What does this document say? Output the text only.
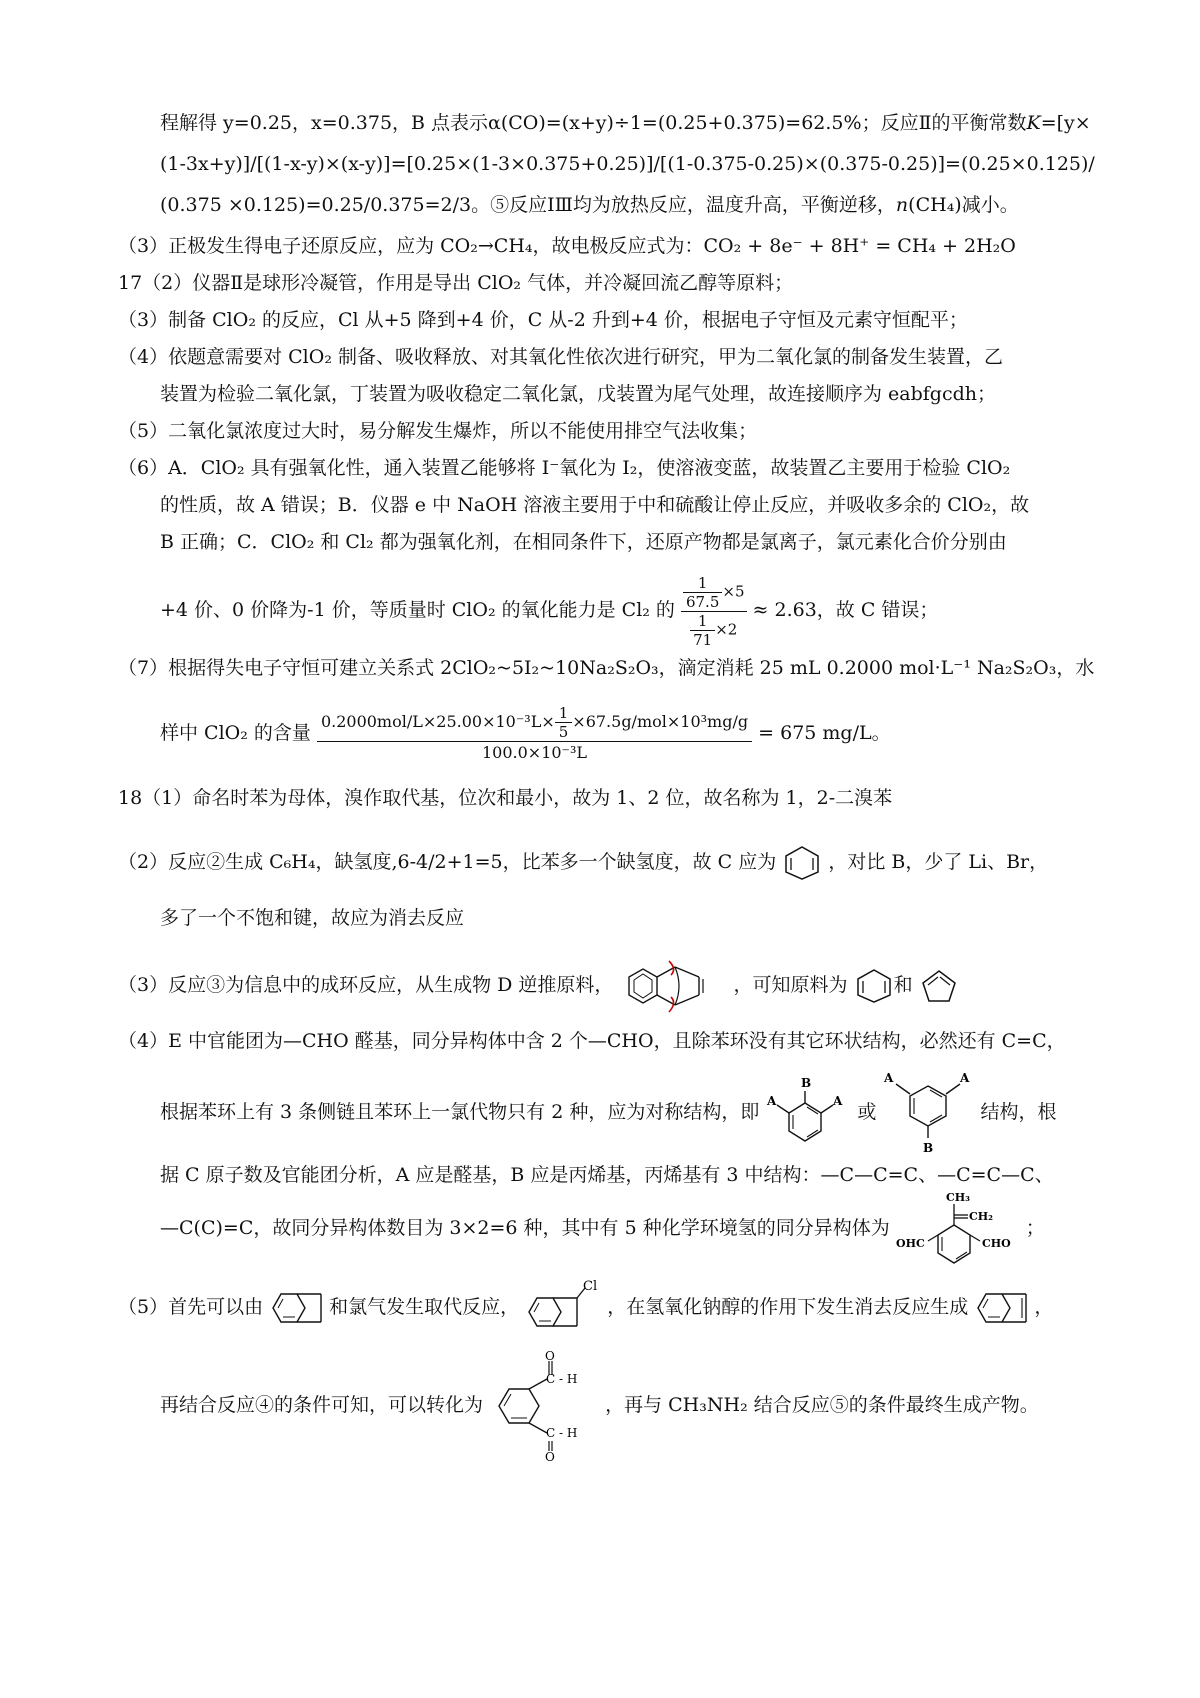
程解得 y=0.25，x=0.375，B 点表示α(CO)=(x+y)÷1=(0.25+0.375)=62.5%；反应Ⅱ的平衡常数K=[y×
(1-3x+y)]/[(1-x-y)×(x-y)]=[0.25×(1-3×0.375+0.25)]/[(1-0.375-0.25)×(0.375-0.25)]=(0.25×0.125)/
(0.375 ×0.125)=0.25/0.375=2/3。⑤反应ⅠⅢ均为放热反应，温度升高，平衡逆移，n(CH₄)减小。
（3）正极发生得电子还原反应，应为 CO₂→CH₄，故电极反应式为：CO₂ + 8e⁻ + 8H⁺ = CH₄ + 2H₂O
17（2）仪器Ⅱ是球形冷凝管，作用是导出 ClO₂ 气体，并冷凝回流乙醇等原料；
（3）制备 ClO₂ 的反应，Cl 从+5 降到+4 价，C 从-2 升到+4 价，根据电子守恒及元素守恒配平；
（4）依题意需要对 ClO₂ 制备、吸收释放、对其氧化性依次进行研究，甲为二氧化氯的制备发生装置，乙
装置为检验二氧化氯，丁装置为吸收稳定二氧化氯，戊装置为尾气处理，故连接顺序为 eabfgcdh；
（5）二氧化氯浓度过大时，易分解发生爆炸，所以不能使用排空气法收集；
（6）A．ClO₂ 具有强氧化性，通入装置乙能够将 I⁻氧化为 I₂，使溶液变蓝，故装置乙主要用于检验 ClO₂
的性质，故 A 错误；B．仪器 e 中 NaOH 溶液主要用于中和硫酸让停止反应，并吸收多余的 ClO₂，故
B 正确；C．ClO₂ 和 Cl₂ 都为强氧化剂，在相同条件下，还原产物都是氯离子，氯元素化合价分别由
+4 价、0 价降为-1 价，等质量时 ClO₂ 的氧化能力是 Cl₂ 的 $\frac{\frac{1}{67.5} \times 5}{\frac{1}{71} \times 2} \approx 2.63$，故 C 错误；
（7）根据得失电子守恒可建立关系式 2ClO₂~5I₂~10Na₂S₂O₃，滴定消耗 25 mL 0.2000 mol·L⁻¹ Na₂S₂O₃，水
样中 ClO₂ 的含量 $\frac{0.2000mol/L\times 25.00\times 10^{-3}L\times \frac{1}{5} \times 67.5g/mol\times 10^3mg/g}{\text{100.0×10⁻³L}} = 675$ mg/L。
18（1）命名时苯为母体，溴作取代基，位次和最小，故为 1、2 位，故名称为 1，2-二溴苯
（2）反应②生成 C₆H₄，缺氢度,6-4/2+1=5，比苯多一个缺氢度，故 C 应为	，对比 B，少了 Li、Br，
多了一个不饱和键，故应为消去反应
（3）反应③为信息中的成环反应，从生成物 D 逆推原料，	，可知原料为 和
（4）E 中官能团为—CHO 醛基，同分异构体中含 2 个—CHO，且除苯环没有其它环状结构，必然还有 C=C，
根据苯环上有 3 条侧链且苯环上一氯代物只有 2 种，应为对称结构，即
B
A	A 或
A	A
B
结构，根
据 C 原子数及官能团分析，A 应是醛基，B 应是丙烯基，丙烯基有 3 中结构：—C—C=C、—C=C—C、
—C(C)=C，故同分异构体数目为 3×2=6 种，其中有 5 种化学环境氢的同分异构体为
CH₃
CH₂
OHC	CHO
；
（5）首先可以由	和氯气发生取代反应，
Cl
，在氢氧化钠醇的作用下发生消去反应生成	，
再结合反应④的条件可知，可以转化为
O
C - H
C - H
O
，再与 CH₃NH₂ 结合反应⑤的条件最终生成产物。
